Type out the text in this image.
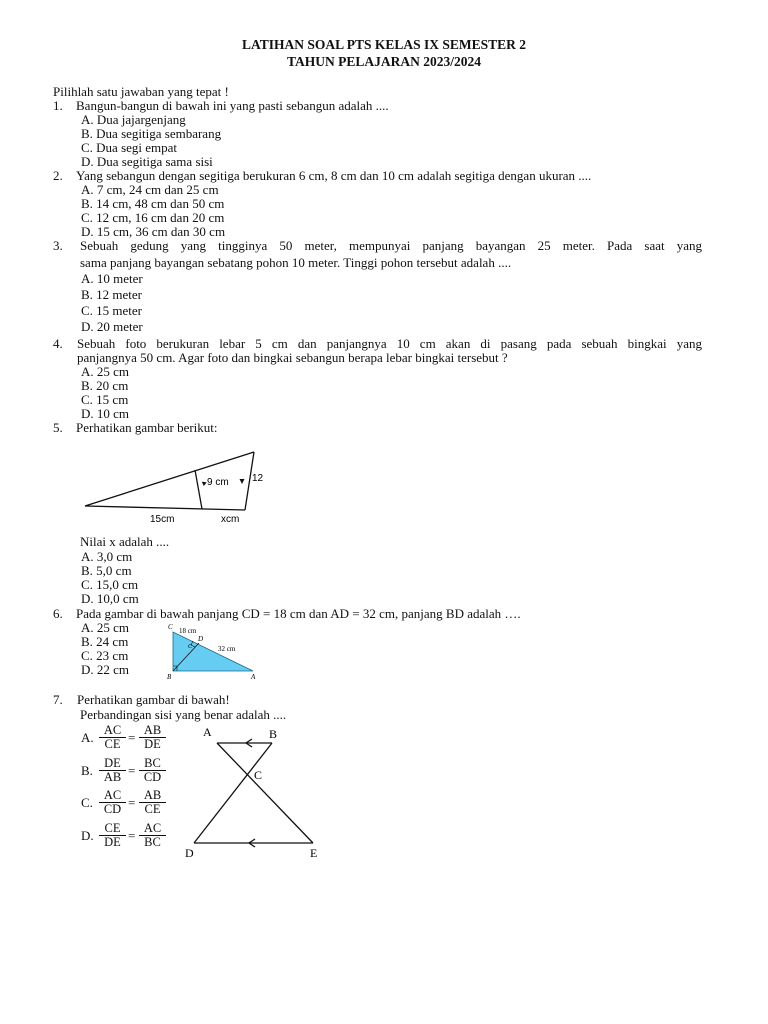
LATIHAN SOAL PTS KELAS IX SEMESTER 2
TAHUN PELAJARAN 2023/2024
Pilihlah satu jawaban yang tepat !
1. Bangun-bangun di bawah ini yang pasti sebangun adalah ....
A. Dua jajargenjang
B. Dua segitiga sembarang
C. Dua segi empat
D. Dua segitiga sama sisi
2. Yang sebangun dengan segitiga berukuran 6 cm, 8 cm dan 10 cm adalah segitiga dengan ukuran ....
A. 7 cm, 24 cm dan 25 cm
B. 14 cm, 48 cm dan 50 cm
C. 12 cm, 16 cm dan 20 cm
D. 15 cm, 36 cm dan 30 cm
3. Sebuah gedung yang tingginya 50 meter, mempunyai panjang bayangan 25 meter. Pada saat yang
sama panjang bayangan sebatang pohon 10 meter. Tinggi pohon tersebut adalah ....
A. 10 meter
B. 12 meter
C. 15 meter
D. 20 meter
4. Sebuah foto berukuran lebar 5 cm dan panjangnya 10 cm akan di pasang pada sebuah bingkai yang
panjangnya 50 cm. Agar foto dan bingkai sebangun berapa lebar bingkai tersebut ?
A. 25 cm
B. 20 cm
C. 15 cm
D. 10 cm
5. Perhatikan gambar berikut:
9 cm 12
15cm	xcm
Nilai x adalah ....
A. 3,0 cm
B. 5,0 cm
C. 15,0 cm
D. 10,0 cm
6. Pada gambar di bawah panjang CD = 18 cm dan AD = 32 cm, panjang BD adalah ….
A. 25 cm
B. 24 cm
C. 23 cm
D. 22 cm
C 18 cm
D
C	32 cm
B	A
7. Perhatikan gambar di bawah!
Perbandingan sisi yang benar adalah ....
A. $\frac{AC}{CE} = \frac{AB}{DE}$
B. $\frac{DE}{AB} = \frac{BC}{CD}$
C. $\frac{AC}{CD} = \frac{AB}{CE}$
D. $\frac{CE}{DE} = \frac{AC}{BC}$
A	B
C
D	E
